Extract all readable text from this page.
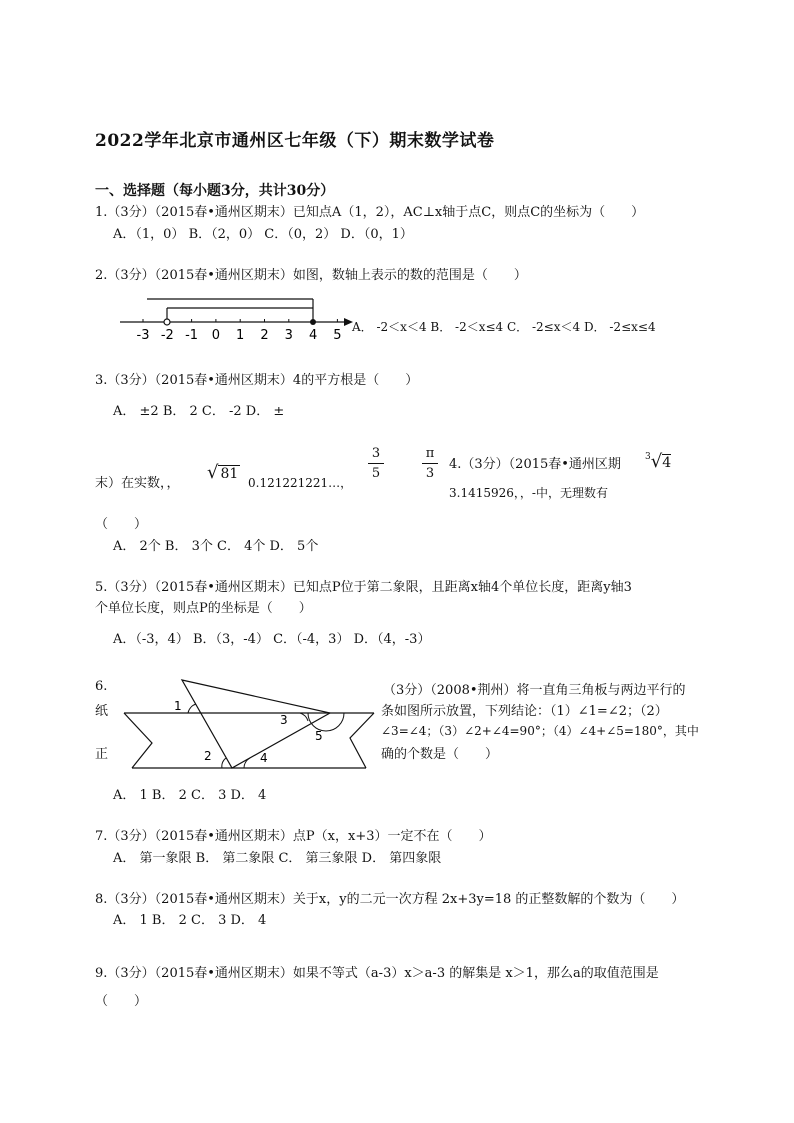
2022学年北京市通州区七年级（下）期末数学试卷
一、选择题（每小题3分，共计30分）
1.（3分）（2015春•通州区期末）已知点A（1，2），AC⊥x轴于点C，则点C的坐标为（　　）
A．（1，0） B．（2，0） C．（0，2） D．（0，1）
2.（3分）（2015春•通州区期末）如图，数轴上表示的数的范围是（　　）
-3 -2 -1 0 1 2 3 4 5
A． -2＜x＜4 B． -2＜x≤4 C． -2≤x＜4 D． -2≤x≤4
3.（3分）（2015春•通州区期末）4的平方根是（　　）
A． ±2 B． 2 C． -2 D． ±
末）在实数，，
√ 81
0.121221221…，
3
5
π
3
4.（3分）（2015春•通州区期	$^3$√4
3.1415926，，-中，无理数有
（　　）
A． 2个 B． 3个 C． 4个 D． 5个
5.（3分）（2015春•通州区期末）已知点P位于第二象限，且距离x轴4个单位长度，距离y轴3
个单位长度，则点P的坐标是（　　）
A．（-3，4） B．（3，-4） C．（-4，3） D．（4，-3）
6.
纸
正
1
2
3
4
5
（3分）（2008•荆州）将一直角三角板与两边平行的
条如图所示放置，下列结论：（1）∠1=∠2；（2）
∠3=∠4；（3）∠2+∠4=90°；（4）∠4+∠5=180°，其中
确的个数是（　　）
A． 1 B． 2 C． 3 D． 4
7.（3分）（2015春•通州区期末）点P（x，x+3）一定不在（　　）
A． 第一象限 B． 第二象限 C． 第三象限 D． 第四象限
8.（3分）（2015春•通州区期末）关于x，y的二元一次方程 2x+3y=18 的正整数解的个数为（　　）
A． 1 B． 2 C． 3 D． 4
9.（3分）（2015春•通州区期末）如果不等式（a-3）x＞a-3 的解集是 x＞1，那么a的取值范围是
（　　）
